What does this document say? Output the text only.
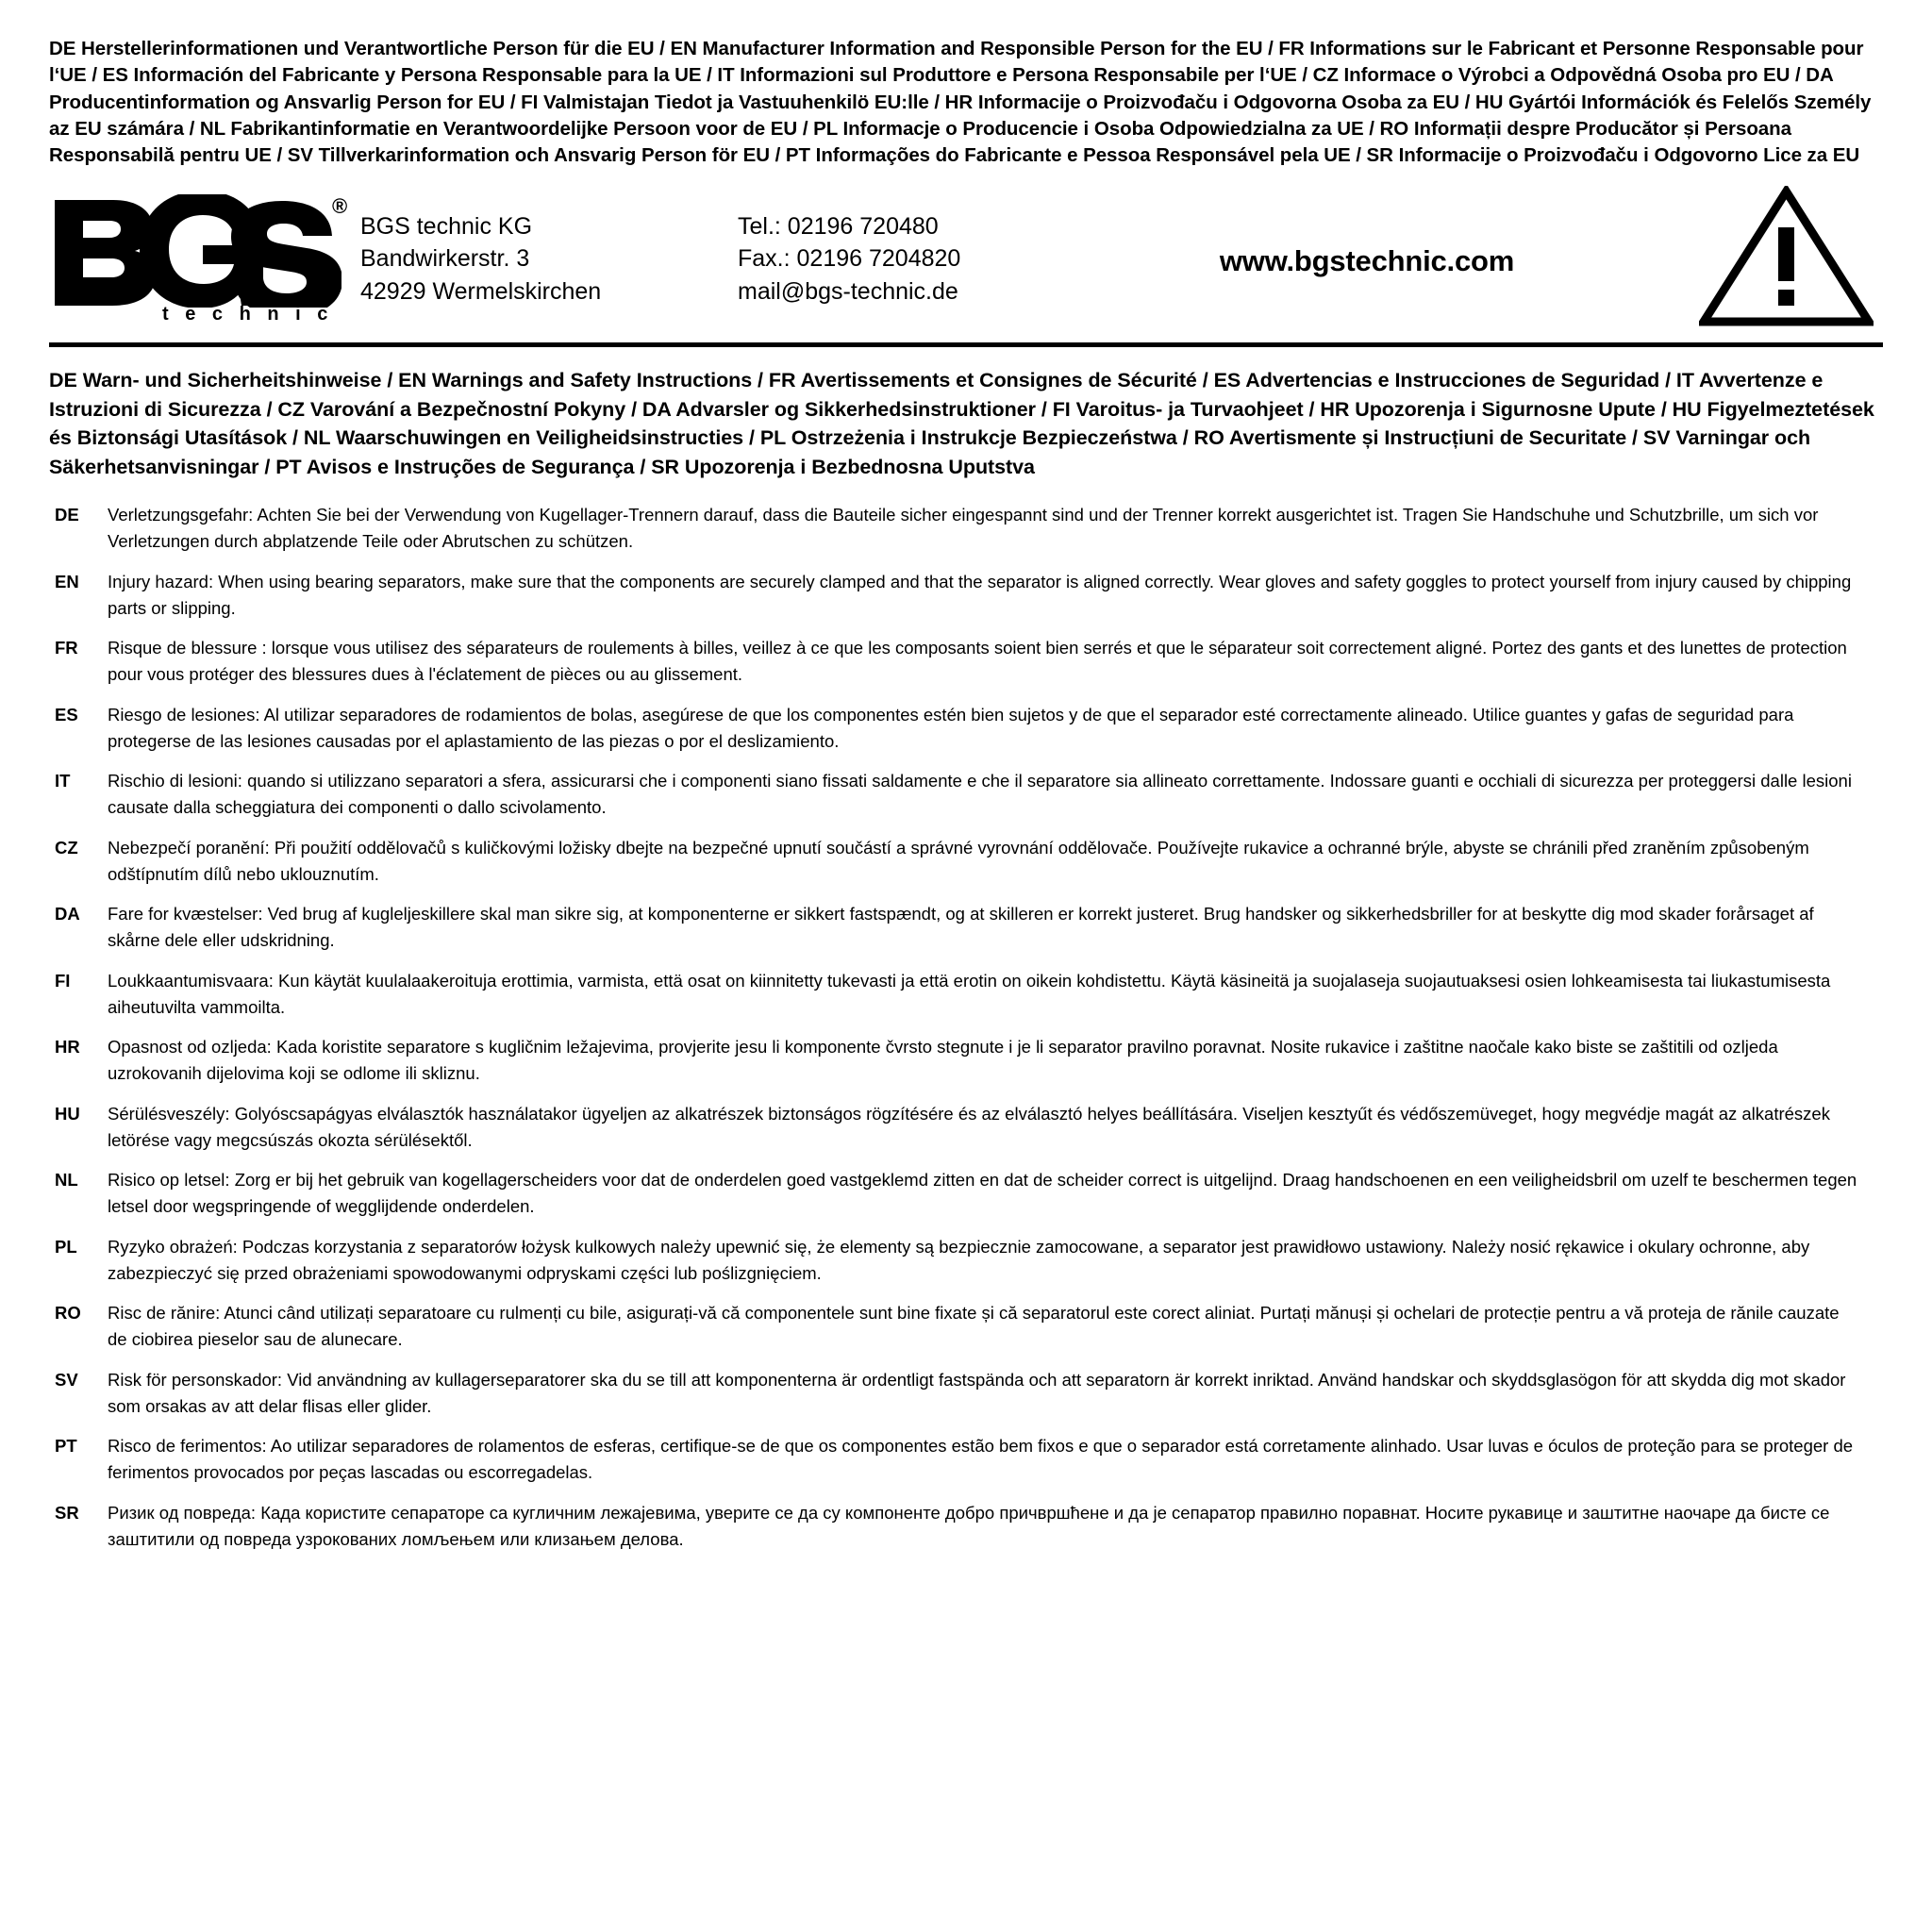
DE Herstellerinformationen und Verantwortliche Person für die EU / EN Manufacturer Information and Responsible Person for the EU / FR Informations sur le Fabricant et Personne Responsable pour l‘UE / ES Información del Fabricante y Persona Responsable para la UE / IT Informazioni sul Produttore e Persona Responsabile per l‘UE / CZ Informace o Výrobci a Odpovědná Osoba pro EU / DA Producentinformation og Ansvarlig Person for EU / FI Valmistajan Tiedot ja Vastuuhenkilö EU:lle / HR Informacije o Proizvođaču i Odgovorna Osoba za EU / HU Gyártói Információk és Felelős Személy az EU számára / NL Fabrikantinformatie en Verantwoordelijke Persoon voor de EU / PL Informacje o Producencie i Osoba Odpowiedzialna za UE / RO Informații despre Producător și Persoana Responsabilă pentru UE / SV Tillverkarinformation och Ansvarig Person för EU / PT Informações do Fabricante e Pessoa Responsável pela UE / SR Informacije o Proizvođaču i Odgovorno Lice za EU
®
t e c h n i c
BGS technic KG
Bandwirkerstr. 3
42929 Wermelskirchen
Tel.: 02196 720480
Fax.: 02196 7204820
mail@bgs-technic.de
www.bgstechnic.com
DE Warn- und Sicherheitshinweise / EN Warnings and Safety Instructions / FR Avertissements et Consignes de Sécurité / ES Advertencias e Instrucciones de Seguridad / IT Avvertenze e Istruzioni di Sicurezza / CZ Varování a Bezpečnostní Pokyny / DA Advarsler og Sikkerhedsinstruktioner / FI Varoitus- ja Turvaohjeet / HR Upozorenja i Sigurnosne Upute / HU Figyelmeztetések és Biztonsági Utasítások / NL Waarschuwingen en Veiligheidsinstructies / PL Ostrzeżenia i Instrukcje Bezpieczeństwa / RO Avertismente și Instrucțiuni de Securitate / SV Varningar och Säkerhetsanvisningar / PT Avisos e Instruções de Segurança / SR Upozorenja i Bezbednosna Uputstva
DE	Verletzungsgefahr: Achten Sie bei der Verwendung von Kugellager-Trennern darauf, dass die Bauteile sicher eingespannt sind und der Trenner korrekt ausgerichtet ist. Tragen Sie Handschuhe und Schutzbrille, um sich vor Verletzungen durch abplatzende Teile oder Abrutschen zu schützen.
EN	Injury hazard: When using bearing separators, make sure that the components are securely clamped and that the separator is aligned correctly. Wear gloves and safety goggles to protect yourself from injury caused by chipping parts or slipping.
FR	Risque de blessure : lorsque vous utilisez des séparateurs de roulements à billes, veillez à ce que les composants soient bien serrés et que le séparateur soit correctement aligné. Portez des gants et des lunettes de protection pour vous protéger des blessures dues à l'éclatement de pièces ou au glissement.
ES	Riesgo de lesiones: Al utilizar separadores de rodamientos de bolas, asegúrese de que los componentes estén bien sujetos y de que el separador esté correctamente alineado. Utilice guantes y gafas de seguridad para protegerse de las lesiones causadas por el aplastamiento de las piezas o por el deslizamiento.
IT	Rischio di lesioni: quando si utilizzano separatori a sfera, assicurarsi che i componenti siano fissati saldamente e che il separatore sia allineato correttamente. Indossare guanti e occhiali di sicurezza per proteggersi dalle lesioni causate dalla scheggiatura dei componenti o dallo scivolamento.
CZ	Nebezpečí poranění: Při použití oddělovačů s kuličkovými ložisky dbejte na bezpečné upnutí součástí a správné vyrovnání oddělovače. Používejte rukavice a ochranné brýle, abyste se chránili před zraněním způsobeným odštípnutím dílů nebo uklouznutím.
DA	Fare for kvæstelser: Ved brug af kugleljeskillere skal man sikre sig, at komponenterne er sikkert fastspændt, og at skilleren er korrekt justeret. Brug handsker og sikkerhedsbriller for at beskytte dig mod skader forårsaget af skårne dele eller udskridning.
FI	Loukkaantumisvaara: Kun käytät kuulalaakeroituja erottimia, varmista, että osat on kiinnitetty tukevasti ja että erotin on oikein kohdistettu. Käytä käsineitä ja suojalaseja suojautuaksesi osien lohkeamisesta tai liukastumisesta aiheutuvilta vammoilta.
HR	Opasnost od ozljeda: Kada koristite separatore s kugličnim ležajevima, provjerite jesu li komponente čvrsto stegnute i je li separator pravilno poravnat. Nosite rukavice i zaštitne naočale kako biste se zaštitili od ozljeda uzrokovanih dijelovima koji se odlome ili skliznu.
HU	Sérülésveszély: Golyóscsapágyas elválasztók használatakor ügyeljen az alkatrészek biztonságos rögzítésére és az elválasztó helyes beállítására. Viseljen kesztyűt és védőszemüveget, hogy megvédje magát az alkatrészek letörése vagy megcsúszás okozta sérülésektől.
NL	Risico op letsel: Zorg er bij het gebruik van kogellagerscheiders voor dat de onderdelen goed vastgeklemd zitten en dat de scheider correct is uitgelijnd. Draag handschoenen en een veiligheidsbril om uzelf te beschermen tegen letsel door wegspringende of wegglijdende onderdelen.
PL	Ryzyko obrażeń: Podczas korzystania z separatorów łożysk kulkowych należy upewnić się, że elementy są bezpiecznie zamocowane, a separator jest prawidłowo ustawiony. Należy nosić rękawice i okulary ochronne, aby zabezpieczyć się przed obrażeniami spowodowanymi odpryskami części lub poślizgnięciem.
RO	Risc de rănire: Atunci când utilizați separatoare cu rulmenți cu bile, asigurați-vă că componentele sunt bine fixate și că separatorul este corect aliniat. Purtați mănuși și ochelari de protecție pentru a vă proteja de rănile cauzate de ciobirea pieselor sau de alunecare.
SV	Risk för personskador: Vid användning av kullagerseparatorer ska du se till att komponenterna är ordentligt fastspända och att separatorn är korrekt inriktad. Använd handskar och skyddsglasögon för att skydda dig mot skador som orsakas av att delar flisas eller glider.
PT	Risco de ferimentos: Ao utilizar separadores de rolamentos de esferas, certifique-se de que os componentes estão bem fixos e que o separador está corretamente alinhado. Usar luvas e óculos de proteção para se proteger de ferimentos provocados por peças lascadas ou escorregadelas.
SR	Ризик од повреда: Када користите сепараторе са кугличним лежајевима, уверите се да су компоненте добро причвршћене и да је сепаратор правилно поравнат. Носите рукавице и заштитне наочаре да бисте се заштитили од повреда узрокованих ломљењем или клизањем делова.
